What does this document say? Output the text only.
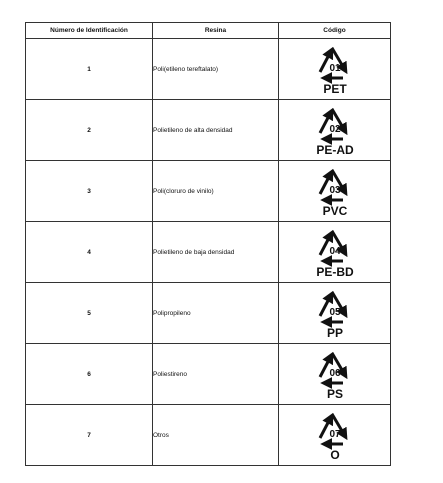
Número de Identificación	Resina	Código
1	Poli(etileno tereftalato)	01
PET

2	Polietileno de alta densidad	02
PE-AD

3	Poli(cloruro de vinilo)	03
PVC

4	Polietileno de baja densidad	04
PE-BD

5	Polipropileno	05
PP

6	Poliestireno	06
PS

7	Otros	07
O
